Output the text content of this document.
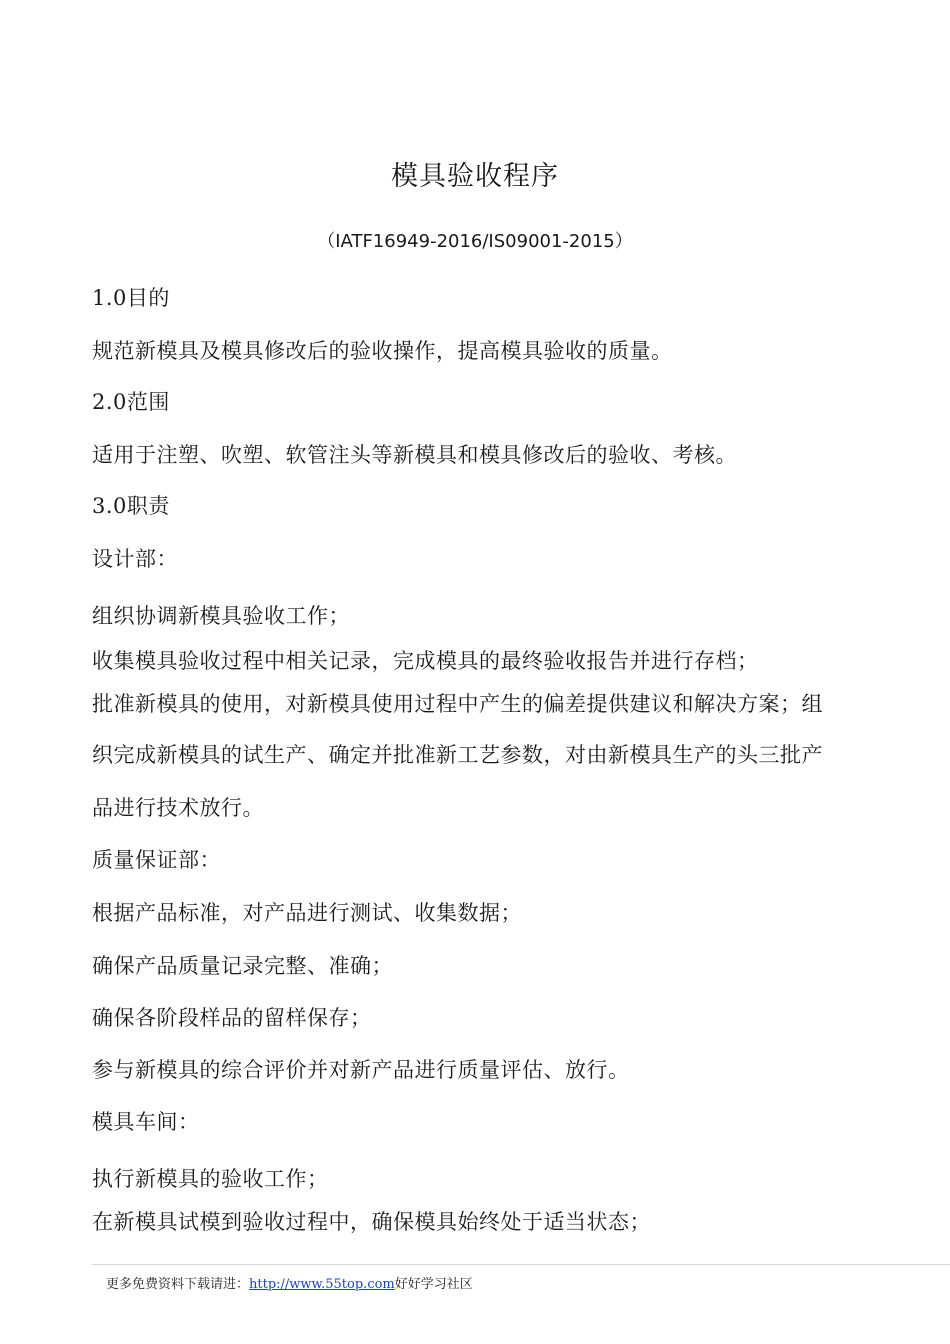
模具验收程序
（IATF16949-2016/IS09001-2015）
1.0目的
规范新模具及模具修改后的验收操作，提高模具验收的质量。
2.0范围
适用于注塑、吹塑、软管注头等新模具和模具修改后的验收、考核。
3.0职责
设计部：
组织协调新模具验收工作；
收集模具验收过程中相关记录，完成模具的最终验收报告并进行存档；
批准新模具的使用，对新模具使用过程中产生的偏差提供建议和解决方案；组
织完成新模具的试生产、确定并批准新工艺参数，对由新模具生产的头三批产
品进行技术放行。
质量保证部：
根据产品标准，对产品进行测试、收集数据；
确保产品质量记录完整、准确；
确保各阶段样品的留样保存；
参与新模具的综合评价并对新产品进行质量评估、放行。
模具车间：
执行新模具的验收工作；
在新模具试模到验收过程中，确保模具始终处于适当状态；
更多免费资料下载请进：http://www.55top.com好好学习社区
